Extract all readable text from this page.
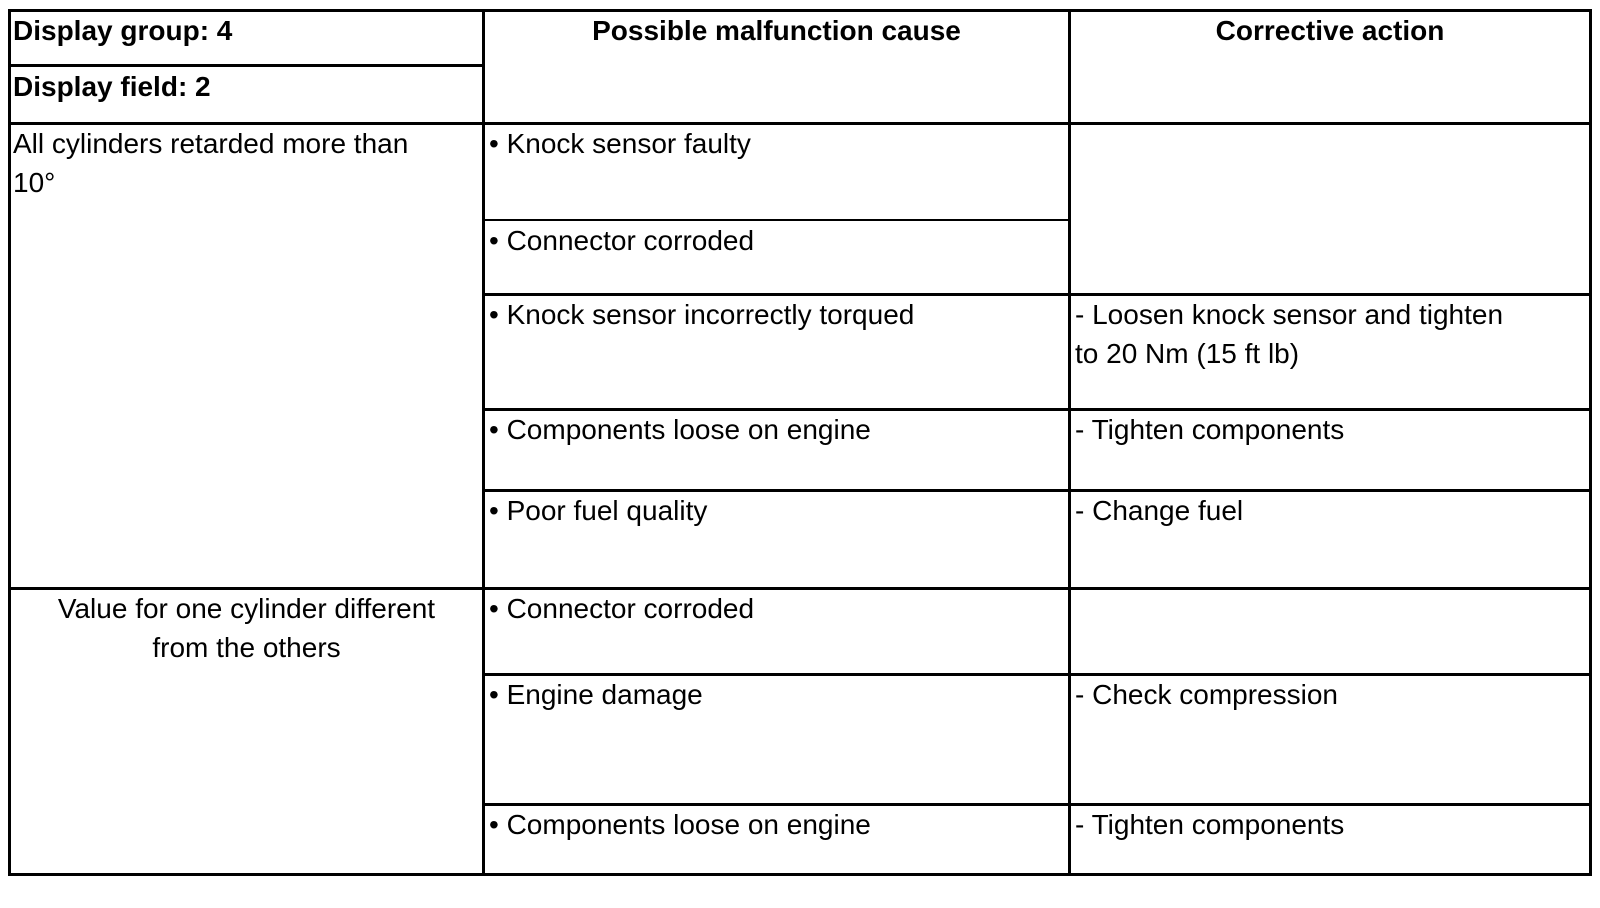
Display group: 4
Display field: 2
Possible malfunction cause	Corrective action
All cylinders retarded more than
10°
Value for one cylinder different
from the others
• Knock sensor faulty
• Connector corroded
• Knock sensor incorrectly torqued
• Components loose on engine
• Poor fuel quality
• Connector corroded
• Engine damage
• Components loose on engine
- Loosen knock sensor and tighten
to 20 Nm (15 ft lb)
- Tighten components
- Change fuel
- Check compression
- Tighten components
